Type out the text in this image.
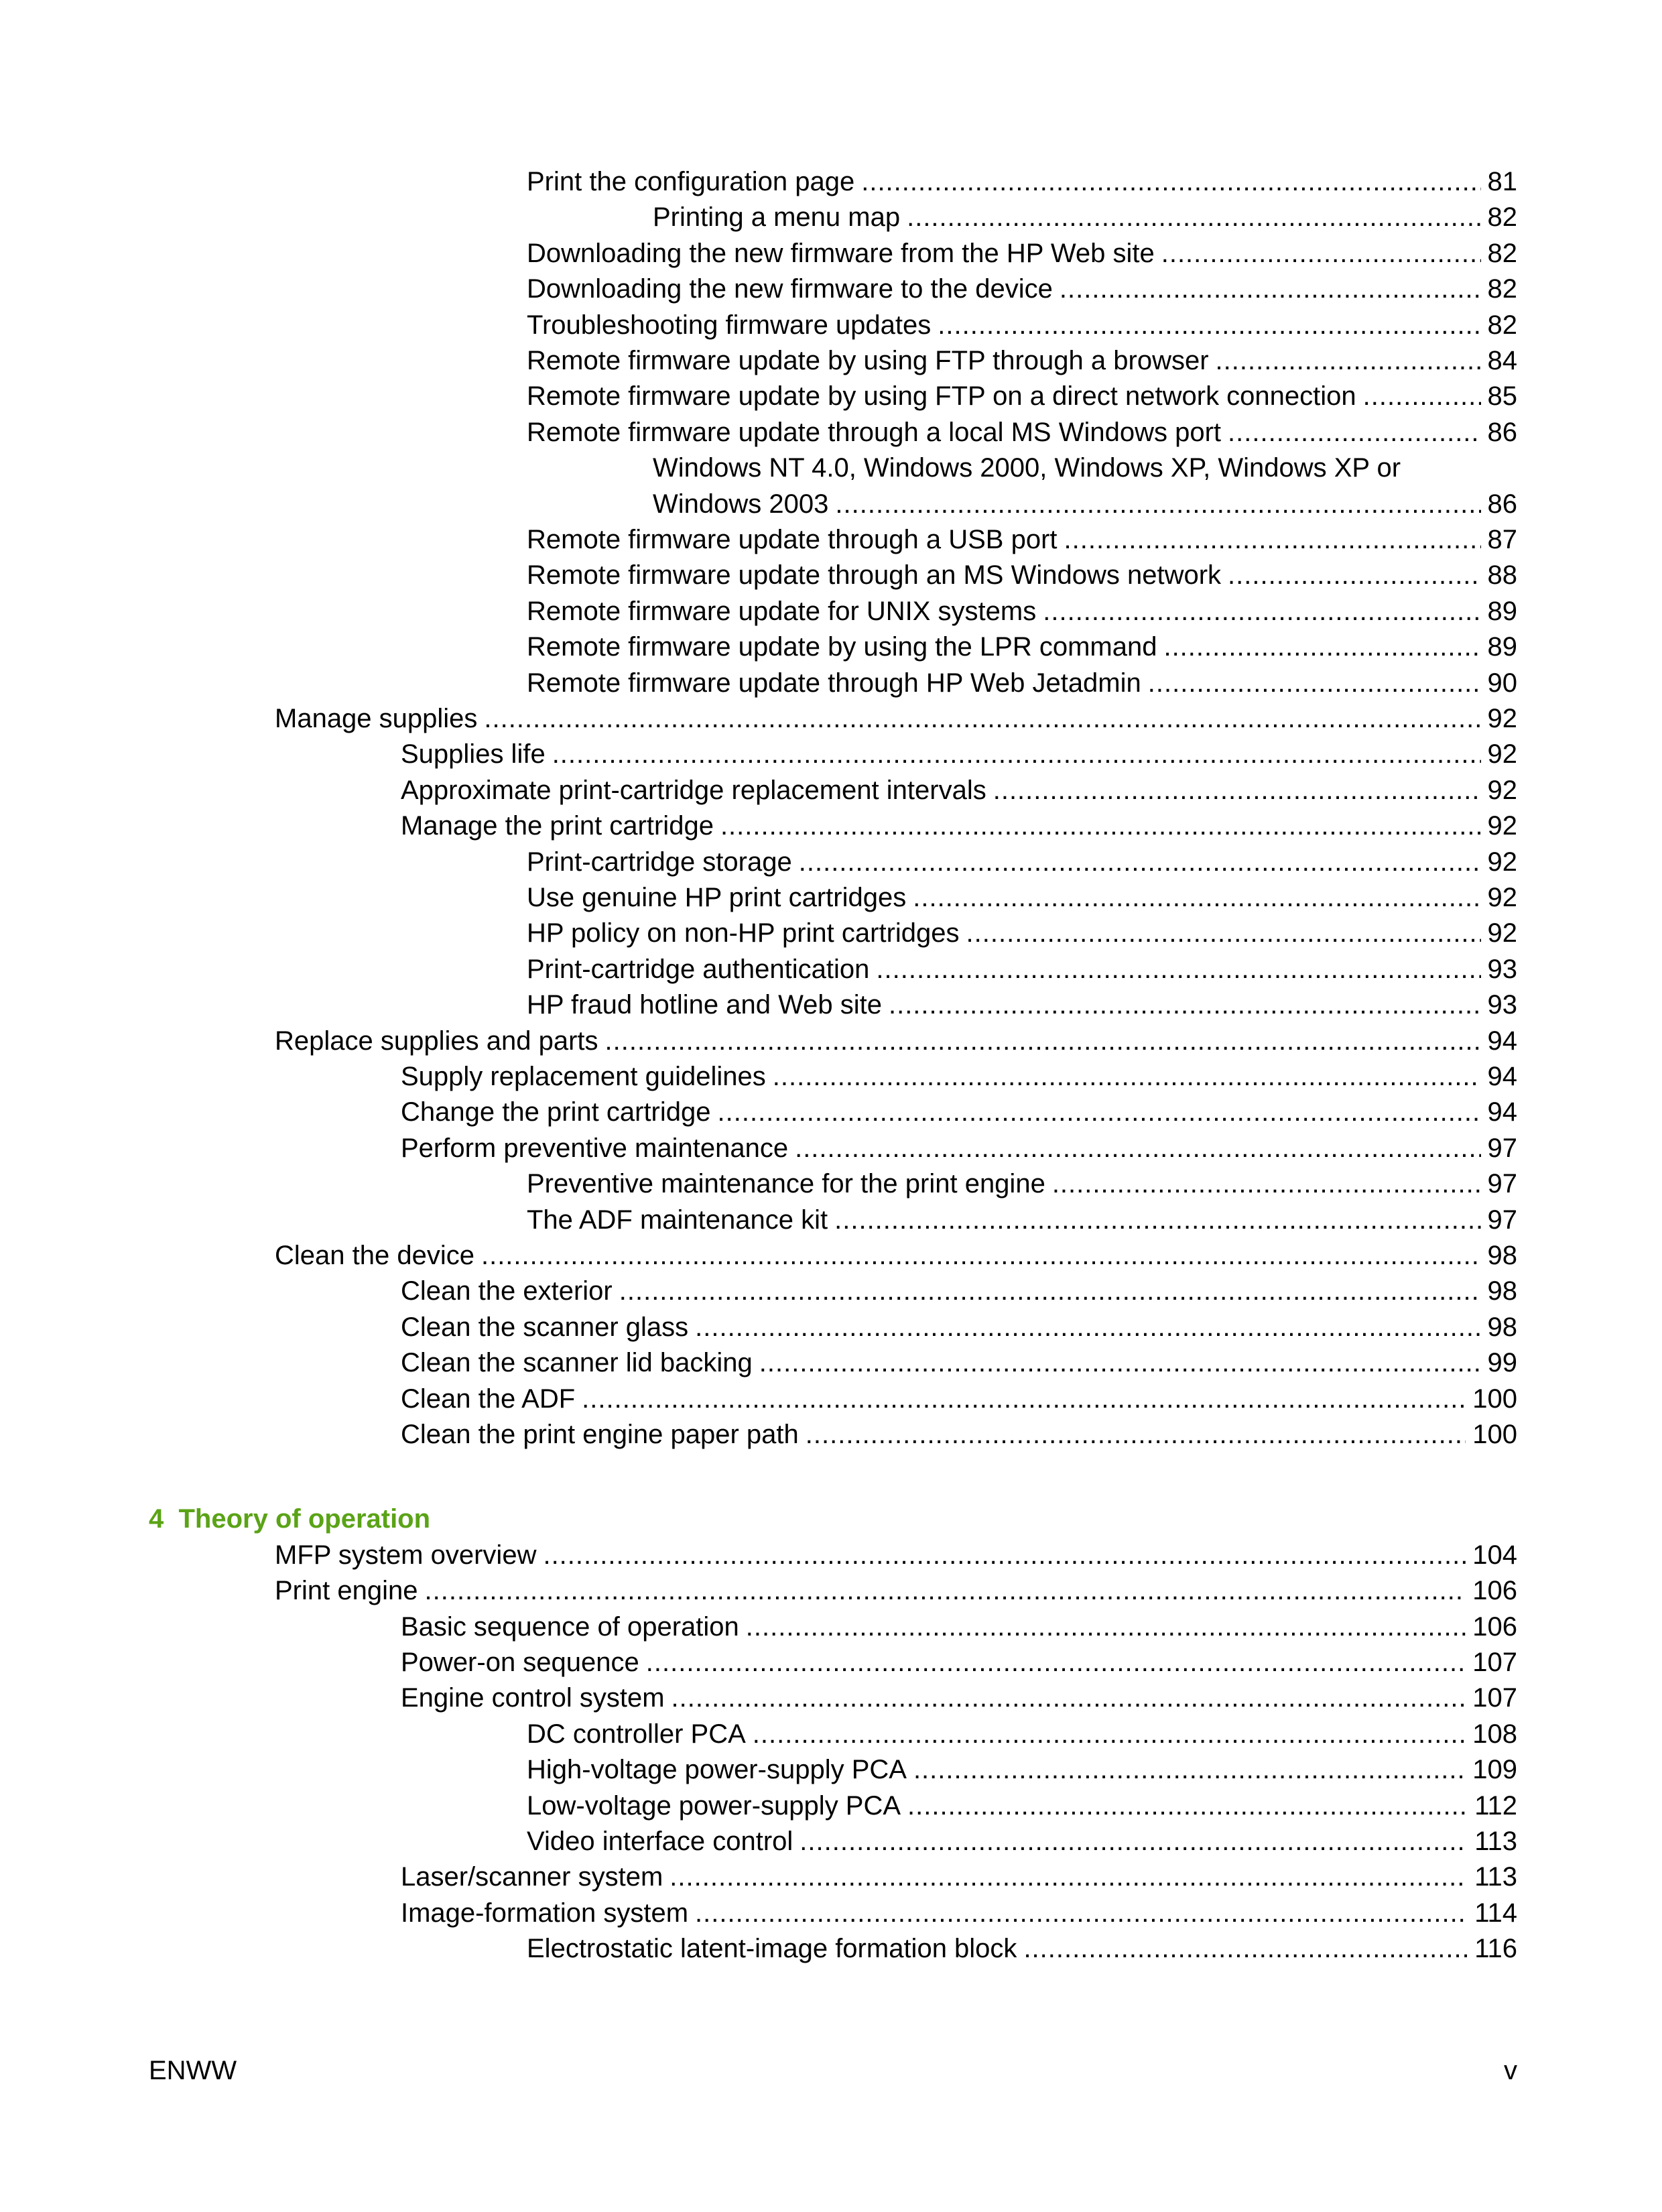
Print the configuration page .....	81
Printing a menu map .....	82
Downloading the new firmware from the HP Web site .....	82
Downloading the new firmware to the device .....	82
Troubleshooting firmware updates .....	82
Remote firmware update by using FTP through a browser .....	84
Remote firmware update by using FTP on a direct network connection .....	85
Remote firmware update through a local MS Windows port .....	86
Windows NT 4.0, Windows 2000, Windows XP, Windows XP or
Windows 2003 .....	86
Remote firmware update through a USB port .....	87
Remote firmware update through an MS Windows network .....	88
Remote firmware update for UNIX systems .....	89
Remote firmware update by using the LPR command .....	89
Remote firmware update through HP Web Jetadmin .....	90
Manage supplies .....	92
Supplies life .....	92
Approximate print-cartridge replacement intervals .....	92
Manage the print cartridge .....	92
Print-cartridge storage .....	92
Use genuine HP print cartridges .....	92
HP policy on non-HP print cartridges .....	92
Print-cartridge authentication .....	93
HP fraud hotline and Web site .....	93
Replace supplies and parts .....	94
Supply replacement guidelines .....	94
Change the print cartridge .....	94
Perform preventive maintenance .....	97
Preventive maintenance for the print engine .....	97
The ADF maintenance kit .....	97
Clean the device .....	98
Clean the exterior .....	98
Clean the scanner glass .....	98
Clean the scanner lid backing .....	99
Clean the ADF .....	100
Clean the print engine paper path .....	100
4 Theory of operation
MFP system overview .....	104
Print engine .....	106
Basic sequence of operation .....	106
Power-on sequence .....	107
Engine control system .....	107
DC controller PCA .....	108
High-voltage power-supply PCA .....	109
Low-voltage power-supply PCA .....	112
Video interface control .....	113
Laser/scanner system .....	113
Image-formation system .....	114
Electrostatic latent-image formation block .....	116
ENWW	v
